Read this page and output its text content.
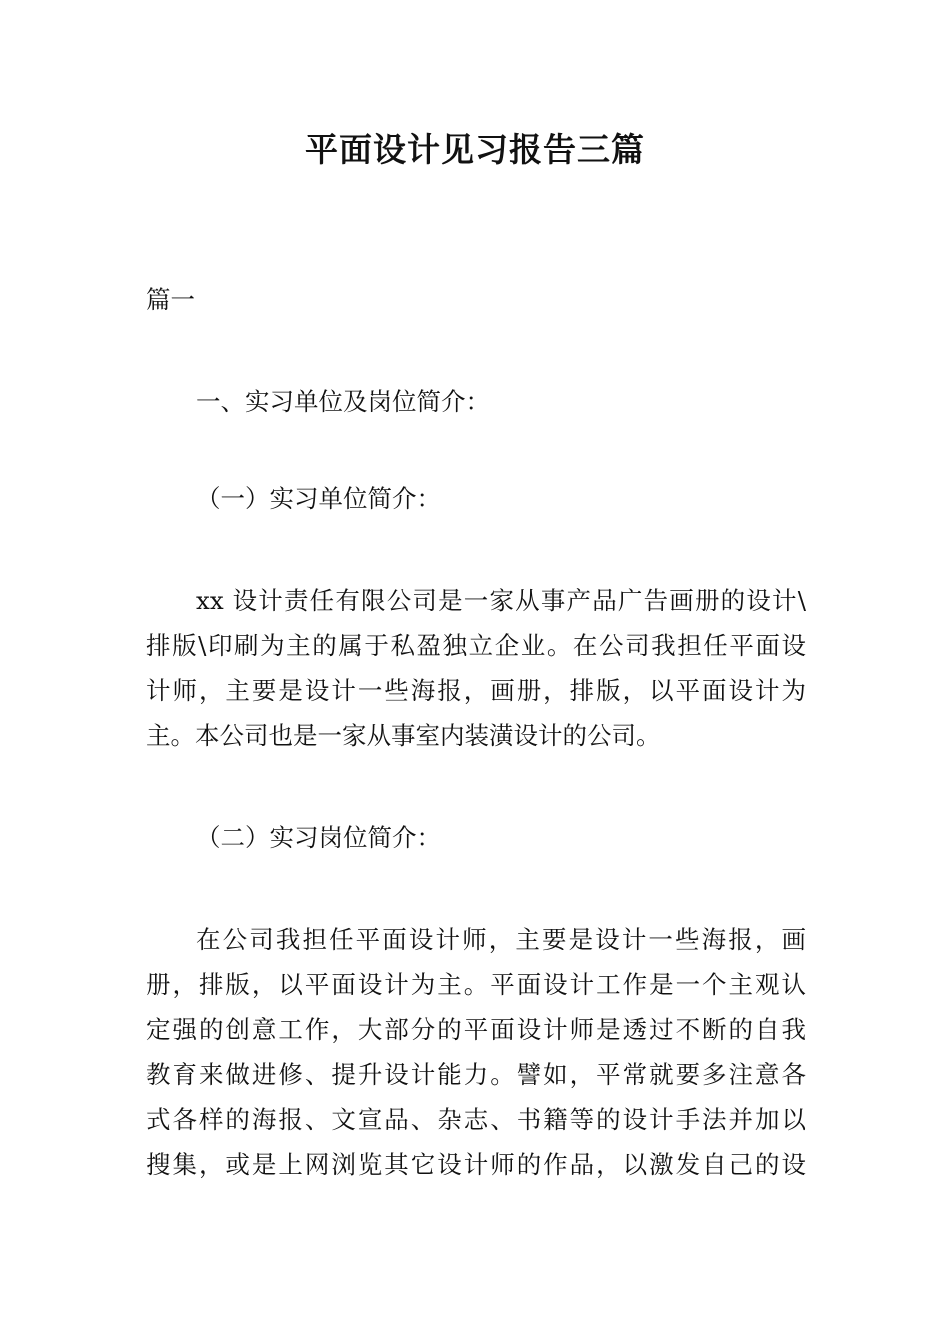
平面设计见习报告三篇
篇一
一、实习单位及岗位简介：
（一）实习单位简介：
xx 设计责任有限公司是一家从事产品广告画册的设计\
排版\印刷为主的属于私盈独立企业。在公司我担任平面设
计师，主要是设计一些海报，画册，排版，以平面设计为
主。本公司也是一家从事室内装潢设计的公司。
（二）实习岗位简介：
在公司我担任平面设计师，主要是设计一些海报，画
册，排版，以平面设计为主。平面设计工作是一个主观认
定强的创意工作，大部分的平面设计师是透过不断的自我
教育来做进修、提升设计能力。譬如，平常就要多注意各
式各样的海报、文宣品、杂志、书籍等的设计手法并加以
搜集，或是上网浏览其它设计师的作品，以激发自己的设
